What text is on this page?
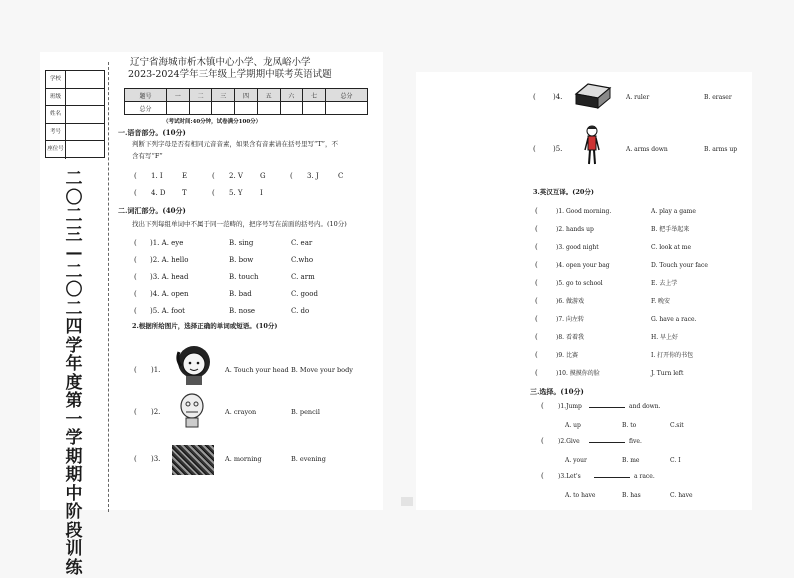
学校
班级
姓名
考号
座位号
二
〇
二
三
—
二
〇
二
四
学
年
度
第
一
学
期
期
中
阶
段
训
练
辽宁省海城市析木镇中心小学、龙凤峪小学
2023-2024学年三年级上学期期中联考英语试题
题号	一	二	三	四	五	六	七	总分
总分								
（考试时间:40分钟，试卷满分100分）
一.语音部分。(10分)
判断下列字母是否有相同元音音素，如果含有音素请在括号里写“T”，不
含有写“F”
( 1. I	E	( 2. V G	( 3. J	C
( 4. D T	( 5. Y I
二.词汇部分。(40分)
找出下列每组单词中不属于同一范畴的，把序号写在前面的括号内。(10分)
( )1. A. eye	B. sing	C. ear
( )2. A. hello	B. bow	C.who
( )3. A. head	B. touch	C. arm
( )4. A. open	B. bad	C. good
( )5. A. foot	B. nose	C. do
2.根据所给图片，选择正确的单词或短语。(10分)
( )1.	A. Touch your head B. Move your body
( )2.	A. crayon	B. pencil
( )3.	A. morning	B. evening
( )4.	A. ruler	B. eraser
( )5.	A. arms down	B. arms up
3.英汉互译。(20分)
(	)1. Good morning.	A. play a game
(	)2. hands up	B. 把手举起来
(	)3. good night	C. look at me
(	)4. open your bag	D. Touch your face
(	)5. go to school	E. 去上学
(	)6. 做游戏	F. 晚安
(	)7. 向左转	G. have a race.
(	)8. 看着我	H. 早上好
(	)9. 比赛	I. 打开你的书包
(	)10. 摸摸你的脸	J. Turn left
三.选择。(10分)
( )1.Jump	and down.
A. up	B. to	C.sit
( )2.Give	five.
A. your	B. me	C. I
( )3.Let's	a race.
A. to have	B. has	C. have
